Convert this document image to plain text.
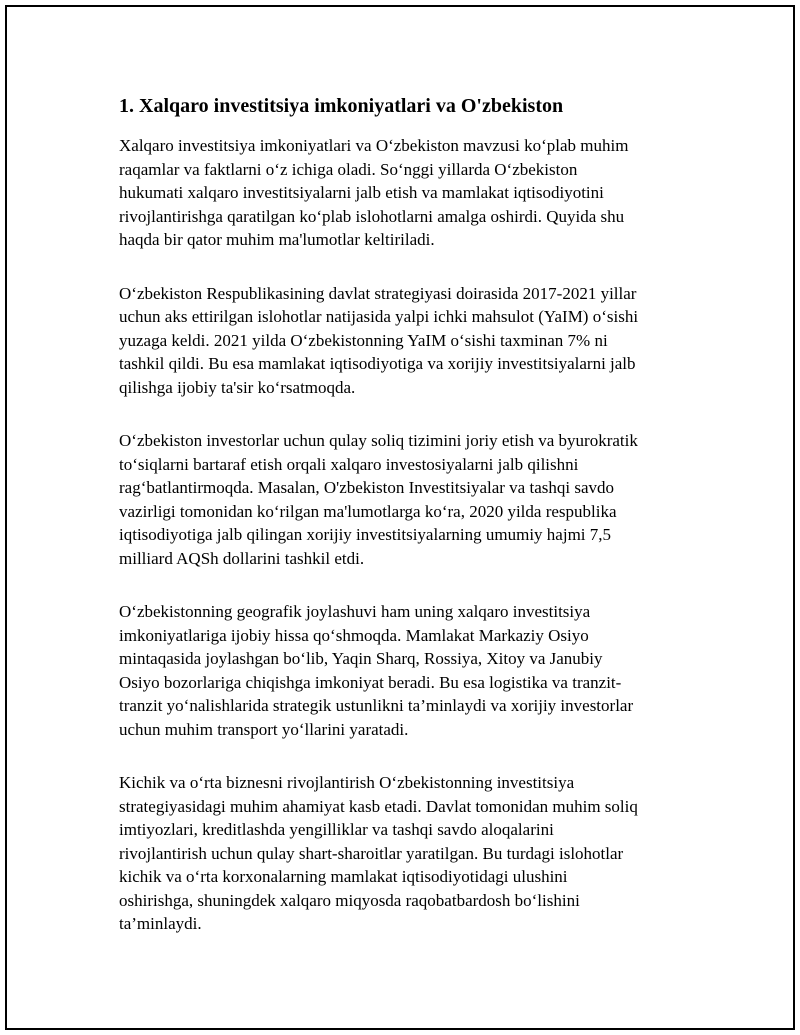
1. Xalqaro investitsiya imkoniyatlari va O'zbekiston

Xalqaro investitsiya imkoniyatlari va O‘zbekiston mavzusi ko‘plab muhim
raqamlar va faktlarni o‘z ichiga oladi. So‘nggi yillarda O‘zbekiston
hukumati xalqaro investitsiyalarni jalb etish va mamlakat iqtisodiyotini
rivojlantirishga qaratilgan ko‘plab islohotlarni amalga oshirdi. Quyida shu
haqda bir qator muhim ma'lumotlar keltiriladi.

O‘zbekiston Respublikasining davlat strategiyasi doirasida 2017-2021 yillar
uchun aks ettirilgan islohotlar natijasida yalpi ichki mahsulot (YaIM) o‘sishi
yuzaga keldi. 2021 yilda O‘zbekistonning YaIM o‘sishi taxminan 7% ni
tashkil qildi. Bu esa mamlakat iqtisodiyotiga va xorijiy investitsiyalarni jalb
qilishga ijobiy ta'sir ko‘rsatmoqda.

O‘zbekiston investorlar uchun qulay soliq tizimini joriy etish va byurokratik
to‘siqlarni bartaraf etish orqali xalqaro investosiyalarni jalb qilishni
rag‘batlantirmoqda. Masalan, O'zbekiston Investitsiyalar va tashqi savdo
vazirligi tomonidan ko‘rilgan ma'lumotlarga ko‘ra, 2020 yilda respublika
iqtisodiyotiga jalb qilingan xorijiy investitsiyalarning umumiy hajmi 7,5
milliard AQSh dollarini tashkil etdi.

O‘zbekistonning geografik joylashuvi ham uning xalqaro investitsiya
imkoniyatlariga ijobiy hissa qo‘shmoqda. Mamlakat Markaziy Osiyo
mintaqasida joylashgan bo‘lib, Yaqin Sharq, Rossiya, Xitoy va Janubiy
Osiyo bozorlariga chiqishga imkoniyat beradi. Bu esa logistika va tranzit-
tranzit yo‘nalishlarida strategik ustunlikni ta’minlaydi va xorijiy investorlar
uchun muhim transport yo‘llarini yaratadi.

Kichik va o‘rta biznesni rivojlantirish O‘zbekistonning investitsiya
strategiyasidagi muhim ahamiyat kasb etadi. Davlat tomonidan muhim soliq
imtiyozlari, kreditlashda yengilliklar va tashqi savdo aloqalarini
rivojlantirish uchun qulay shart-sharoitlar yaratilgan. Bu turdagi islohotlar
kichik va o‘rta korxonalarning mamlakat iqtisodiyotidagi ulushini
oshirishga, shuningdek xalqaro miqyosda raqobatbardosh bo‘lishini
ta’minlaydi.
